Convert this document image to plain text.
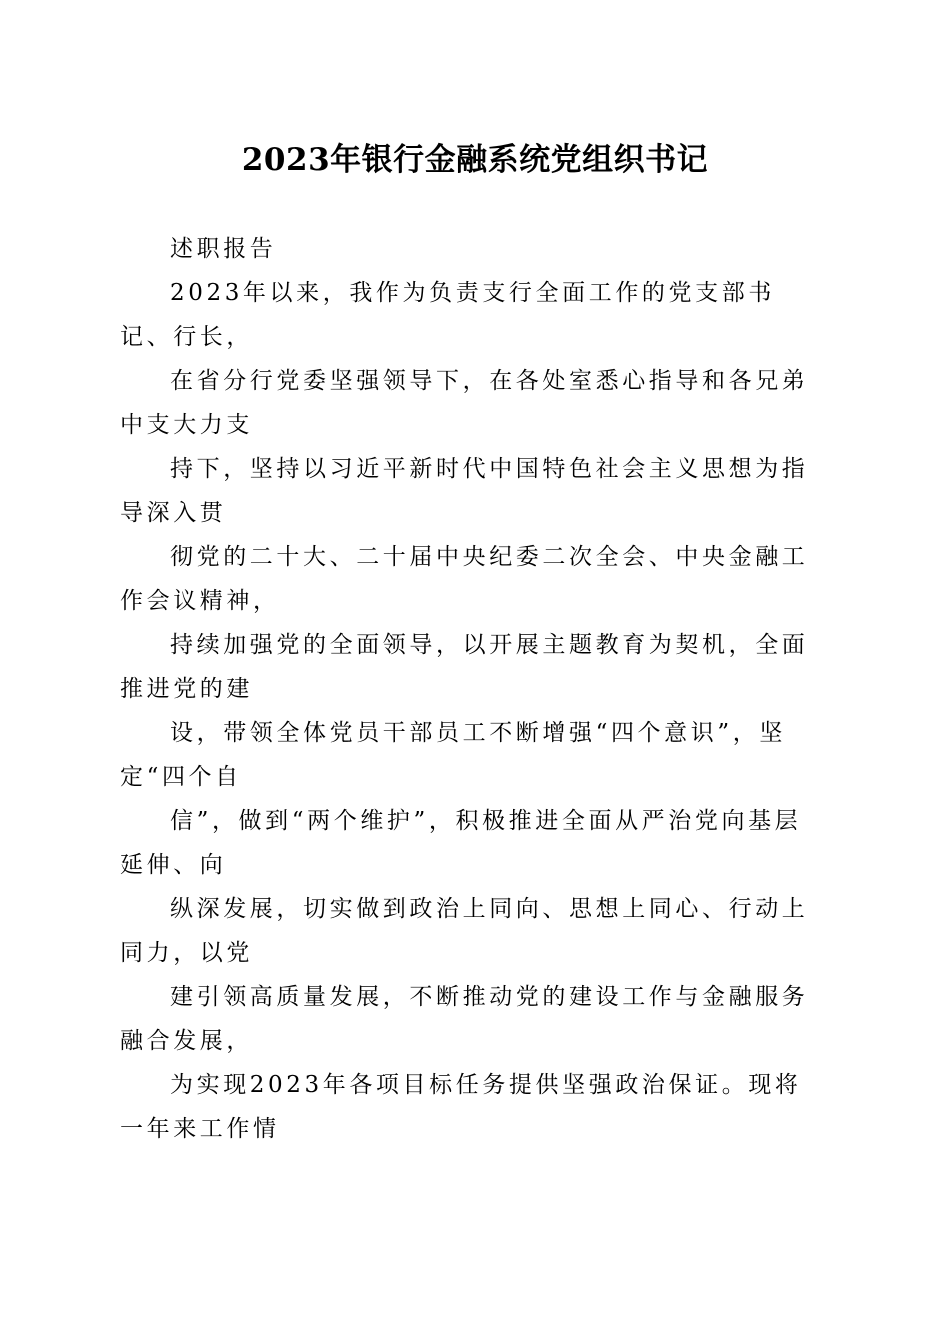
2023年银行金融系统党组织书记

述职报告

2023年以来，我作为负责支行全面工作的党支部书记、行长，

在省分行党委坚强领导下，在各处室悉心指导和各兄弟中支大力支

持下，坚持以习近平新时代中国特色社会主义思想为指导深入贯

彻党的二十大、二十届中央纪委二次全会、中央金融工作会议精神，

持续加强党的全面领导，以开展主题教育为契机，全面推进党的建

设，带领全体党员干部员工不断增强“四个意识”，坚定“四个自

信”，做到“两个维护”，积极推进全面从严治党向基层延伸、向

纵深发展，切实做到政治上同向、思想上同心、行动上同力，以党

建引领高质量发展，不断推动党的建设工作与金融服务融合发展，

为实现2023年各项目标任务提供坚强政治保证。现将一年来工作情
